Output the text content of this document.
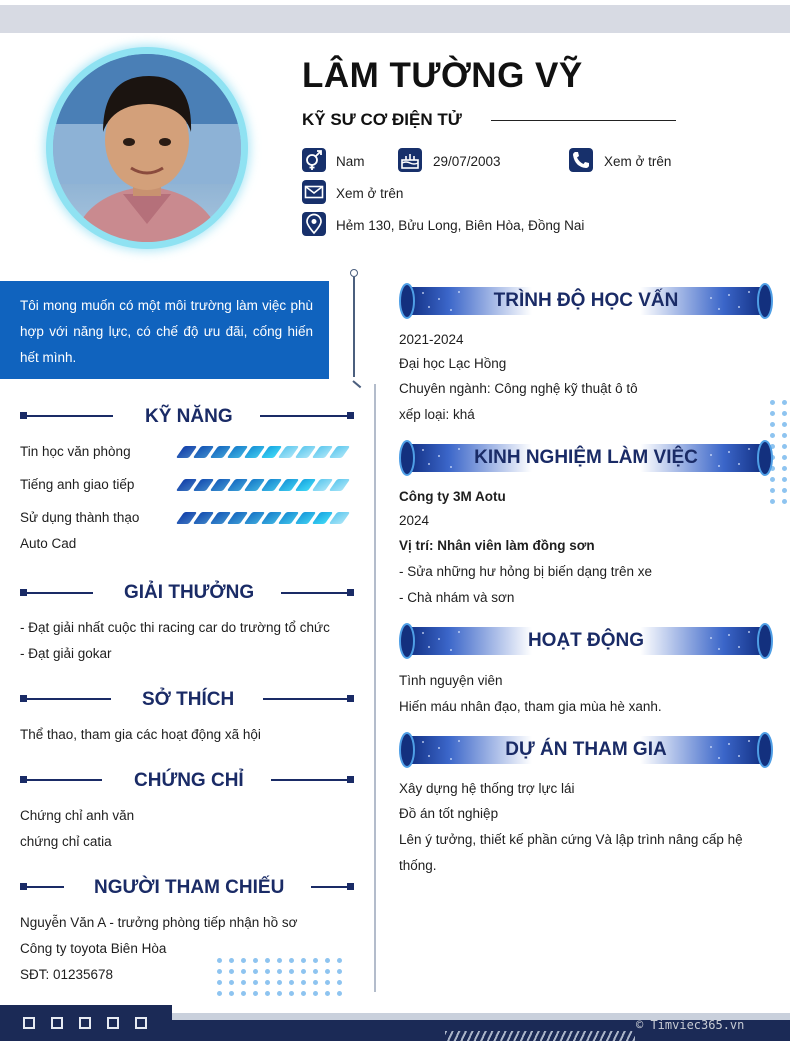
LÂM TƯỜNG VỸ
KỸ SƯ CƠ ĐIỆN TỬ
Nam	29/07/2003	Xem ở trên
Xem ở trên
Hẻm 130, Bửu Long, Biên Hòa, Đồng Nai
Tôi mong muốn có một môi trường làm việc phù hợp với năng lực, có chế độ ưu đãi, cống hiến hết mình.
KỸ NĂNG
Tin học văn phòng
Tiếng anh giao tiếp
Sử dụng thành thạo
Auto Cad
GIẢI THƯỞNG
- Đạt giải nhất cuộc thi racing car do trường tổ chức
- Đạt giải gokar
SỞ THÍCH
Thể thao, tham gia các hoạt động xã hội
CHỨNG CHỈ
Chứng chỉ anh văn
chứng chỉ catia
NGƯỜI THAM CHIẾU
Nguyễn Văn A - trưởng phòng tiếp nhận hồ sơ
Công ty toyota Biên Hòa
SĐT: 01235678
TRÌNH ĐỘ HỌC VẤN
2021-2024
Đại học Lạc Hồng
Chuyên ngành: Công nghệ kỹ thuật ô tô
xếp loại: khá
KINH NGHIỆM LÀM VIỆC
Công ty 3M Aotu
2024
Vị trí: Nhân viên làm đồng sơn
- Sửa những hư hỏng bị biến dạng trên xe
- Chà nhám và sơn
HOẠT ĐỘNG
Tình nguyện viên
Hiến máu nhân đạo, tham gia mùa hè xanh.
DỰ ÁN THAM GIA
Xây dựng hệ thống trợ lực lái
Đồ án tốt nghiệp
Lên ý tưởng, thiết kế phần cứng Và lập trình nâng cấp hệ
thống.
© Timviec365.vn
